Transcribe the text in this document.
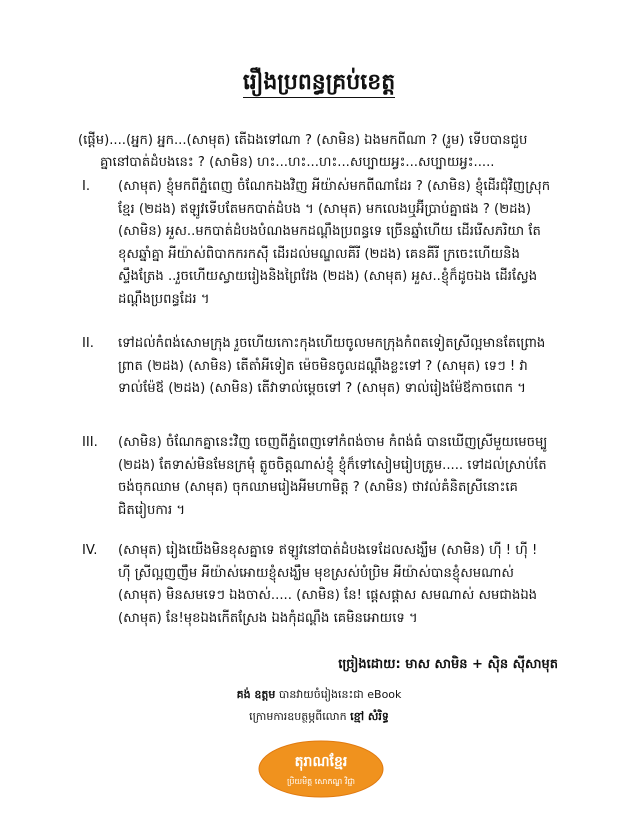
រឿងប្រពន្ធគ្រប់ខេត្ត

(ផ្ដើម)....(អ្នក) អ្នក...(សាមុត) តើឯងទៅណា ? (សាមិន) ឯងមកពីណា ? (រួម) ទើបបានជួប

គ្នានៅបាត់ដំបងនេះ ? (សាមិន) ហះ...ហះ...ហះ...សប្បាយអ្វះ...សប្បាយអ្វះ.....

I.	(សាមុត) ខ្ញុំមកពីភ្នំពេញ ចំណែកឯងវិញ អីយ៉ាស់មកពីណាដែរ ? (សាមិន) ខ្ញុំដើរជុំវិញស្រុកខ្មែរ (២ដង) ឥឡូវទើបតែមកបាត់ដំបង ។ (សាមុត) មកលេងឬអ៊ីប្រាប់គ្នាផង ? (២ដង) (សាមិន) អួស..មកបាត់ដំបងបំណងមកដណ្ដឹងប្រពន្ធទេ ច្រើនឆ្នាំហើយ ដើររើសភរិយា តែខុសឆ្នាំគ្នា អីយ៉ាស់ពិបាកករកស៊ី ដើរដល់មណ្ឌលគីរី (២ដង) គេនគីរី ក្រចេះហើយនិងស្ទឹងត្រែង ..រួចហើយស្វាយរៀងនិងព្រៃវែង (២ដង) (សាមុត) អួស..ខ្ញុំក៏ដូចឯង ដើរស្វែងដណ្ដឹងប្រពន្ធដែរ ។
II.	ទៅដល់កំពង់សោមក្រុង រួចហើយកោះកុងហើយចូលមកក្រុងកំពតទៀតស្រីល្អមានតែព្រោងព្រាត (២ដង) (សាមិន) តើតាំអីទៀត ម៉េចមិនចូលដណ្ដឹងខ្លះទៅ ? (សាមុត) ទេៗ ! វាទាល់ម៉ែឪ (២ដង) (សាមិន) តើវាទាល់ម្ដេចទៅ ? (សាមុត) ទាល់រៀងម៉ែឪកាចពេក ។
III.	(សាមិន) ចំណែកគ្នានេះវិញ ចេញពីភ្នំពេញទៅកំពង់ចាម កំពង់ធំ បានឃើញស្រីមួយមេចម្បូ (២ដង) តែទាស់មិនមែនក្រមុំ ត្លូចចិត្តណាស់ខ្ញុំ ខ្ញុំក៏ទៅសៀមរៀបត្រូម..... ទៅដល់ស្រាប់តែចង់ចុកឈាម (សាមុត) ចុកឈាមរៀងអីមហាមិត្ត ? (សាមិន) ថាវល់គំនិតស្រីនោះគេជិតរៀបការ ។
IV.	(សាមុត) រៀងយើងមិនខុសគ្នាទេ ឥឡូវនៅបាត់ដំបងទេដែលសង្ឃឹម (សាមិន) ហ៊ី ! ហ៊ី ! ហ៊ី ស្រីល្អញញឹម អីយ៉ាស់អោយខ្ញុំសង្ឃឹម មុខស្រស់បំប្រិម អីយ៉ាស់បានខ្ញុំសមណាស់ (សាមុត) មិនសមទេៗ ឯងចាស់..... (សាមិន) នែ! ផ្ដេសផ្ដាស សមណាស់ សមជាងឯង (សាមុត) នែ!មុខឯងកើតស្រែង ឯងកុំដណ្ដឹង គេមិនអោយទេ ។
ច្រៀងដោយ: មាស សាមិន + ស៊ិន ស៊ីសាមុត
គង់ ឧត្តម បានវាយចំរៀងនេះជា eBook
ក្រោមការឧបត្ថម្ភពីលោក ខ្មៅ សំរិទ្ធ
តុរាណខ្មែរ
ប្រិយមិត្ត សោភណ្ឌ វិជ្ជា
